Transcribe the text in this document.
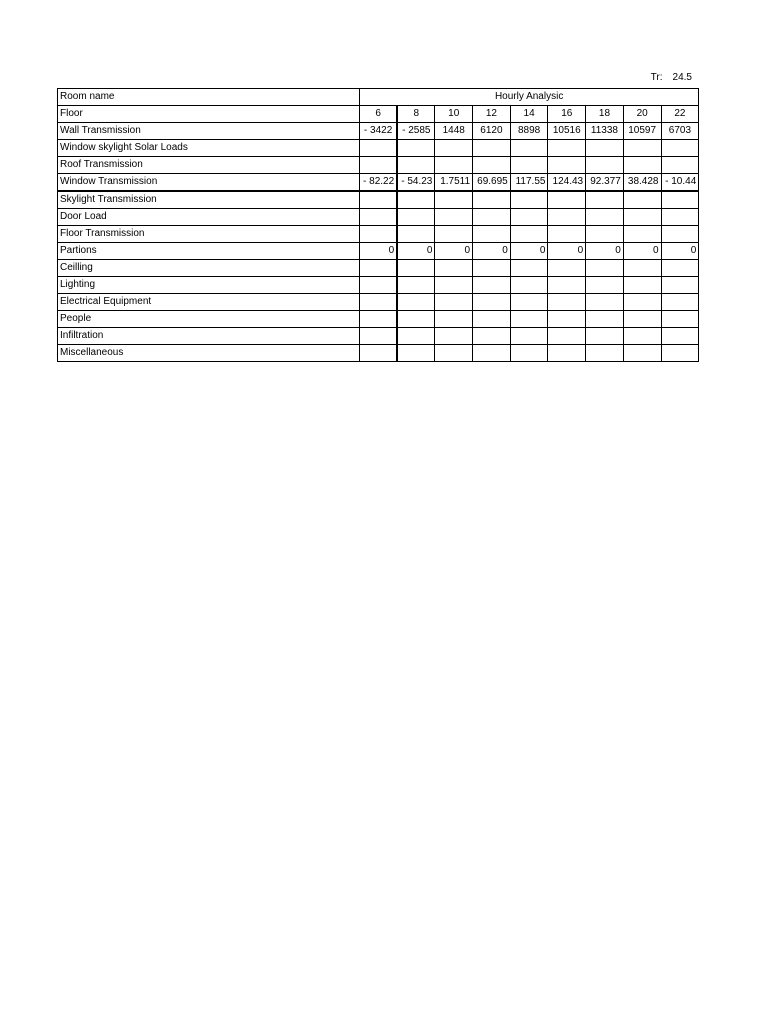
Tr: 24.5
Room name	Hourly Analysic								
Floor	6	8	10	12	14	16	18	20	22
Wall Transmission	- 3422	- 2585	1448	6120	8898	10516	11338	10597	6703
Window skylight Solar Loads									
Roof Transmission									
Window Transmission	- 82.22	- 54.23	1.7511	69.695	117.55	124.43	92.377	38.428	- 10.44
Skylight Transmission									
Door Load									
Floor Transmission									
Partions	0	0	0	0	0	0	0	0	0
Ceilling									
Lighting									
Electrical Equipment									
People									
Infiltration									
Miscellaneous									
